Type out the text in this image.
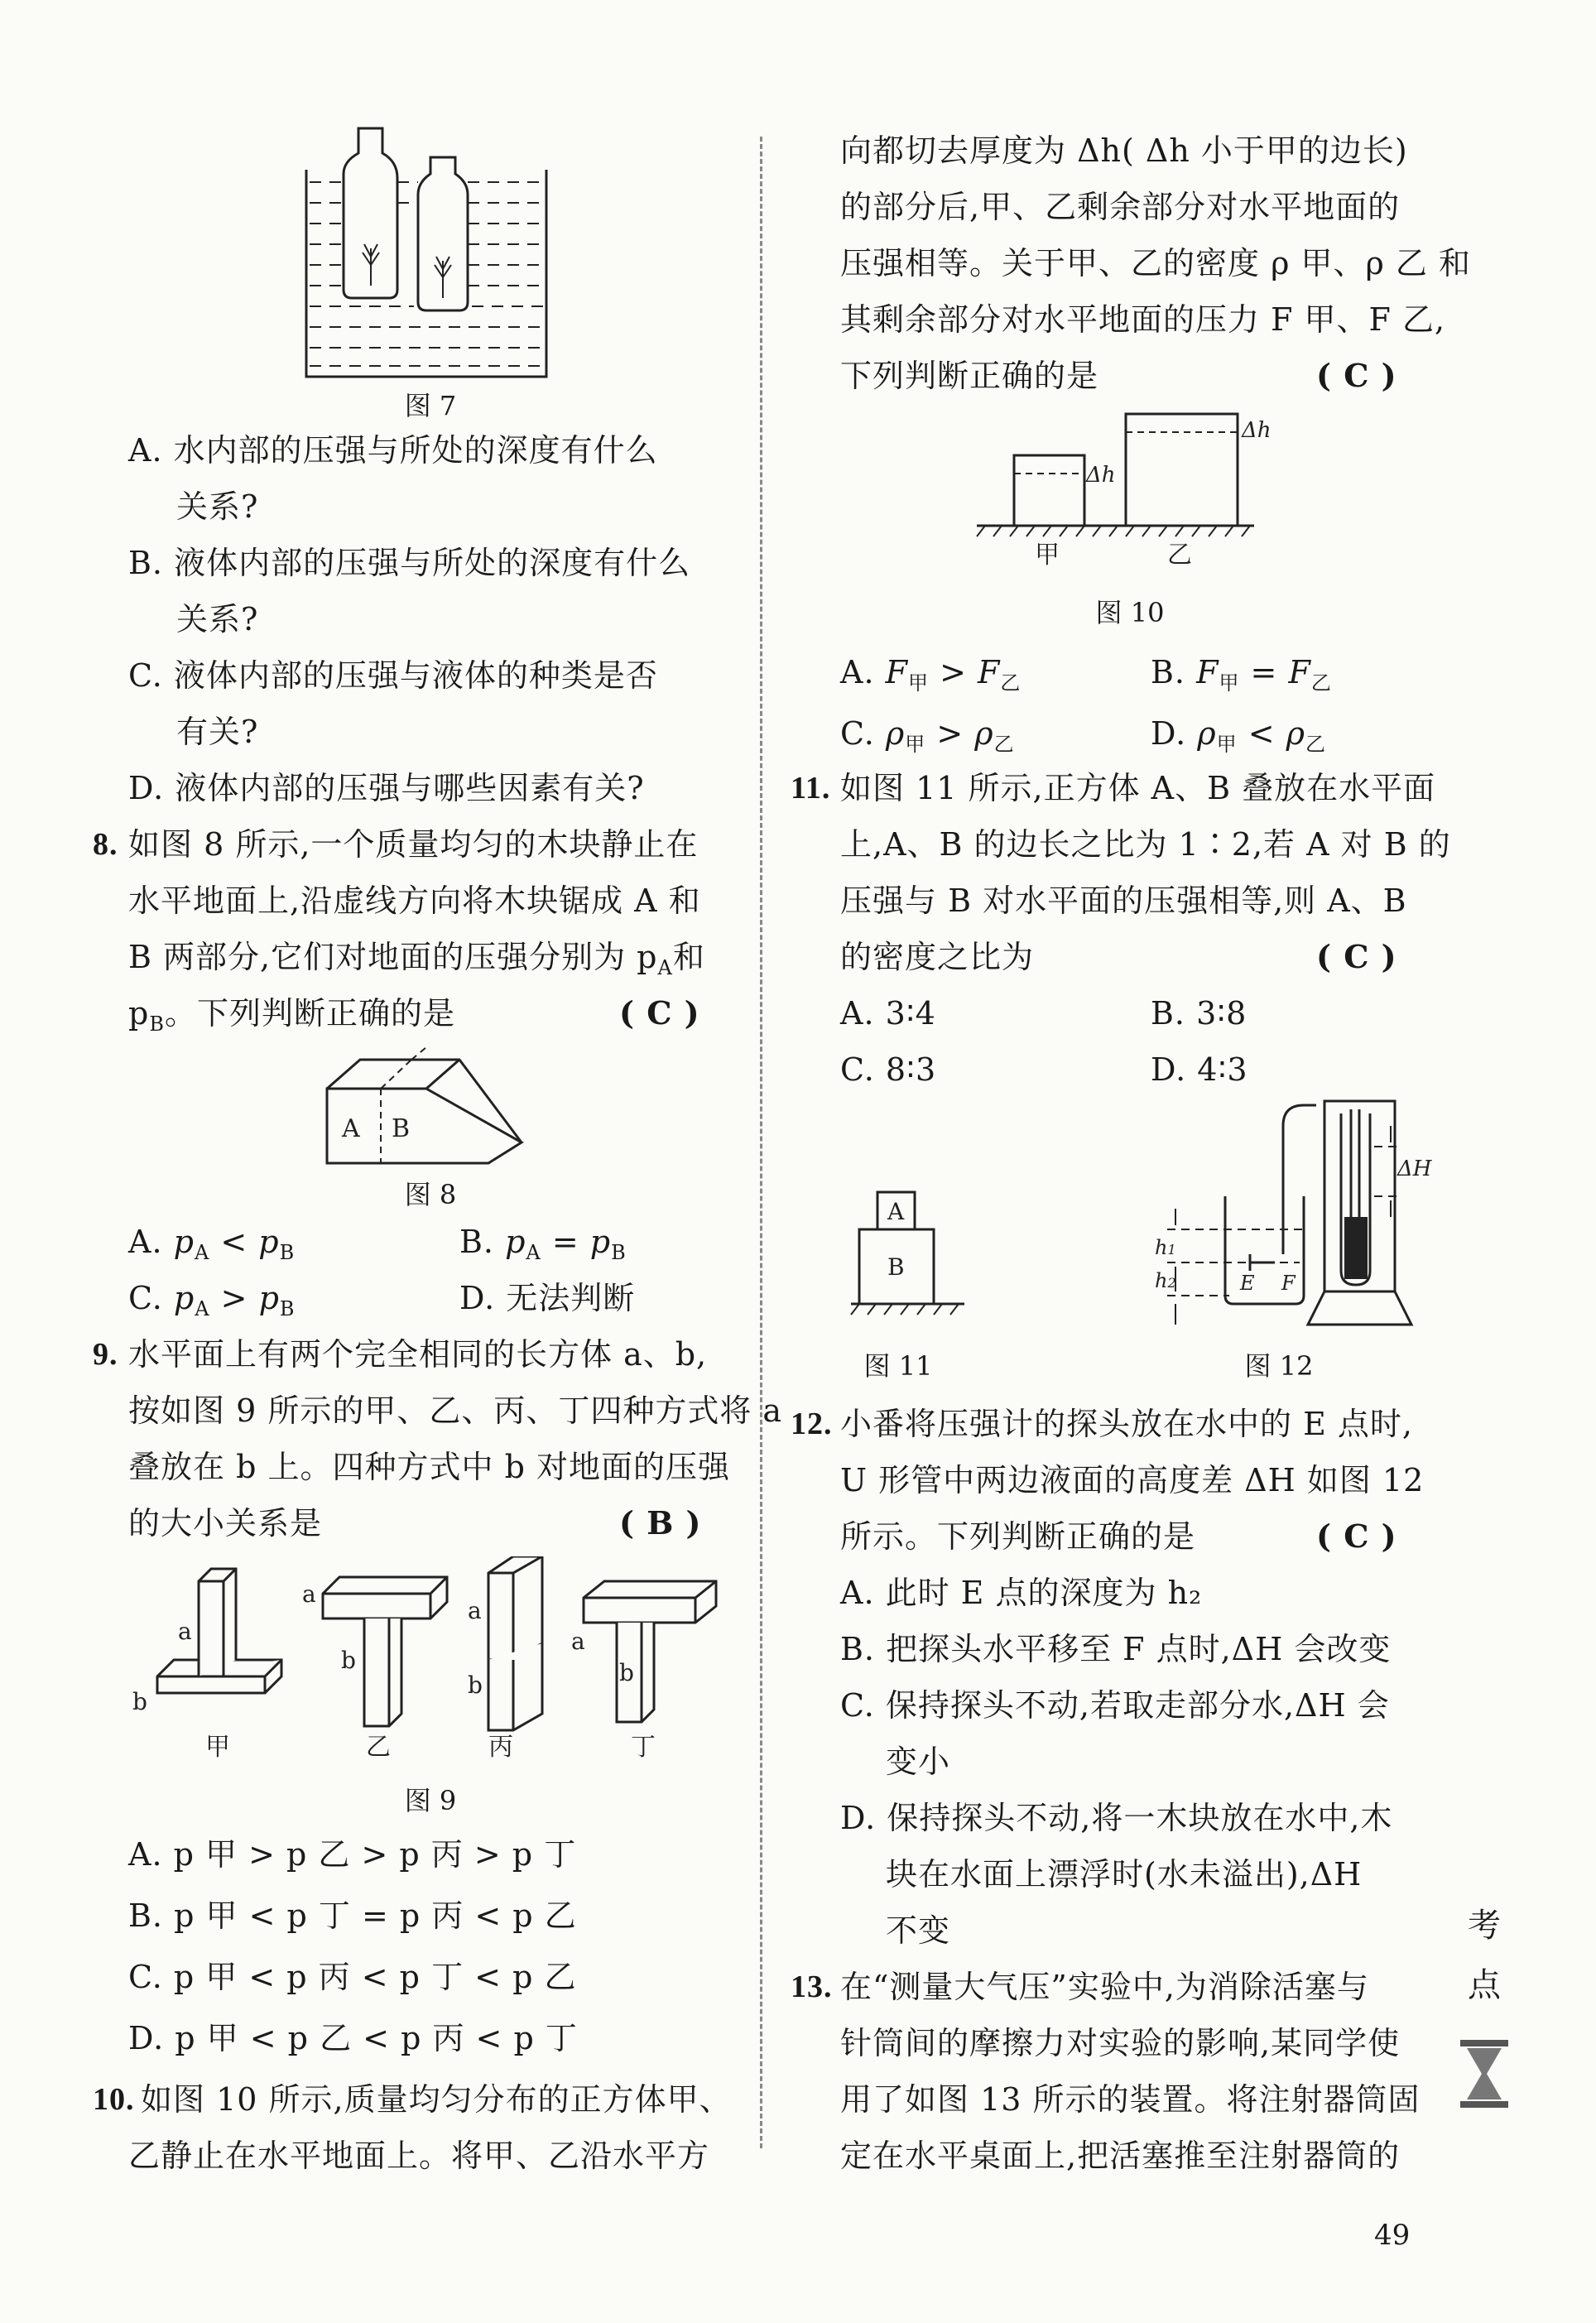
图 7
A. 水内部的压强与所处的深度有什么
关系?
B. 液体内部的压强与所处的深度有什么
关系?
C. 液体内部的压强与液体的种类是否
有关?
D. 液体内部的压强与哪些因素有关?
8. 如图 8 所示,一个质量均匀的木块静止在
水平地面上,沿虚线方向将木块锯成 A 和
B 两部分,它们对地面的压强分别为 $p_A$和
$p_B$。下列判断正确的是	( C )
A B
图 8
A. $p_A < p_B$	B. $p_A = p_B$
C. $p_A > p_B$	D. 无法判断
9. 水平面上有两个完全相同的长方体 a、b,
按如图 9 所示的甲、乙、丙、丁四种方式将 a
叠放在 b 上。四种方式中 b 对地面的压强
的大小关系是	( B )
a
b
a
b
a
b
a
b
甲	乙	丙	丁
图 9
A. p 甲 > p 乙 > p 丙 > p 丁
B. p 甲 < p 丁 = p 丙 < p 乙
C. p 甲 < p 丙 < p 丁 < p 乙
D. p 甲 < p 乙 < p 丙 < p 丁
10. 如图 10 所示,质量均匀分布的正方体甲、
乙静止在水平地面上。将甲、乙沿水平方
向都切去厚度为 Δh( Δh 小于甲的边长)
的部分后,甲、乙剩余部分对水平地面的
压强相等。关于甲、乙的密度 ρ 甲、ρ 乙 和
其剩余部分对水平地面的压力 F 甲、F 乙,
下列判断正确的是	( C )
Δh
Δh
甲	乙
图 10
A. $F_甲 > F_乙$	B. $F_甲 = F_乙$
C. $\rho_甲 > \rho_乙$	D. $\rho_甲 < \rho_乙$
11. 如图 11 所示,正方体 A、B 叠放在水平面
上,A、B 的边长之比为 1∶2,若 A 对 B 的
压强与 B 对水平面的压强相等,则 A、B
的密度之比为	( C )
A. 3∶4	B. 3∶8
C. 8∶3	D. 4∶3
A
B
图 11
h1
h2	E F
ΔH
图 12
12. 小番将压强计的探头放在水中的 E 点时,
U 形管中两边液面的高度差 ΔH 如图 12
所示。下列判断正确的是	( C )
A. 此时 E 点的深度为 h₂
B. 把探头水平移至 F 点时,ΔH 会改变
C. 保持探头不动,若取走部分水,ΔH 会
变小
D. 保持探头不动,将一木块放在水中,木
块在水面上漂浮时(水未溢出),ΔH
不变
13. 在“测量大气压”实验中,为消除活塞与
针筒间的摩擦力对实验的影响,某同学使
用了如图 13 所示的装置。将注射器筒固
定在水平桌面上,把活塞推至注射器筒的
考
点
49
